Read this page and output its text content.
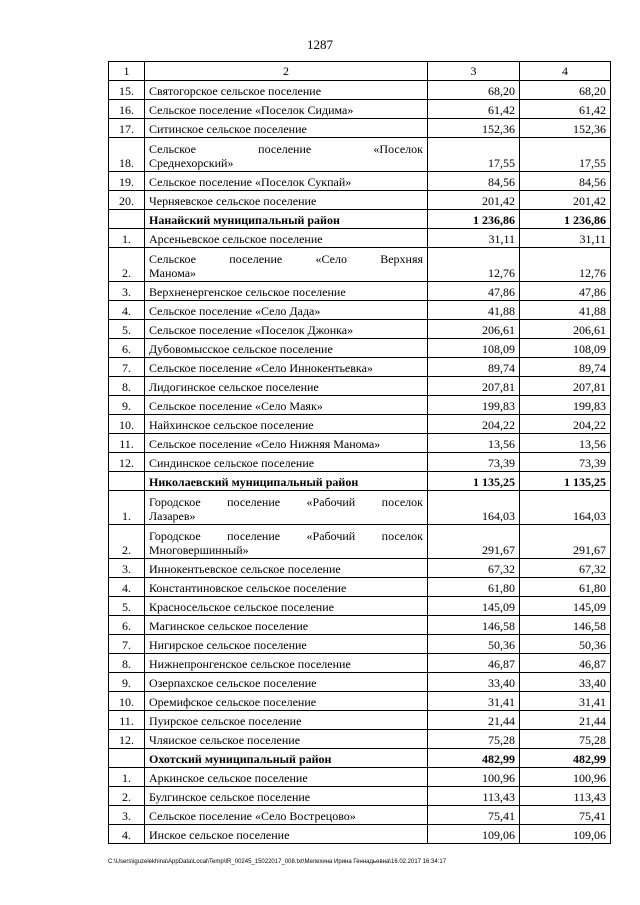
1287
1	2	3	4
15.	Святогорское сельское поселение	68,20	68,20
16.	Сельское поселение «Поселок Сидима»	61,42	61,42
17.	Ситинское сельское поселение	152,36	152,36
18.	Сельское поселение «Поселок
Среднехорский»	17,55	17,55
19.	Сельское поселение «Поселок Сукпай»	84,56	84,56
20.	Черняевское сельское поселение	201,42	201,42
	Нанайский муниципальный район	1 236,86	1 236,86
1.	Арсеньевское сельское поселение	31,11	31,11
2.	Сельское поселение «Село Верхняя
Манома»	12,76	12,76
3.	Верхненергенское сельское поселение	47,86	47,86
4.	Сельское поселение «Село Дада»	41,88	41,88
5.	Сельское поселение «Поселок Джонка»	206,61	206,61
6.	Дубовомысское сельское поселение	108,09	108,09
7.	Сельское поселение «Село Иннокентьевка»	89,74	89,74
8.	Лидогинское сельское поселение	207,81	207,81
9.	Сельское поселение «Село Маяк»	199,83	199,83
10.	Найхинское сельское поселение	204,22	204,22
11.	Сельское поселение «Село Нижняя Манома»	13,56	13,56
12.	Синдинское сельское поселение	73,39	73,39
	Николаевский муниципальный район	1 135,25	1 135,25
1.	Городское поселение «Рабочий поселок
Лазарев»	164,03	164,03
2.	Городское поселение «Рабочий поселок
Многовершинный»	291,67	291,67
3.	Иннокентьевское сельское поселение	67,32	67,32
4.	Константиновское сельское поселение	61,80	61,80
5.	Красносельское сельское поселение	145,09	145,09
6.	Магинское сельское поселение	146,58	146,58
7.	Нигирское сельское поселение	50,36	50,36
8.	Нижнепронгенское сельское поселение	46,87	46,87
9.	Озерпахское сельское поселение	33,40	33,40
10.	Оремифское сельское поселение	31,41	31,41
11.	Пуирское сельское поселение	21,44	21,44
12.	Чляиское сельское поселение	75,28	75,28
	Охотский муниципальный район	482,99	482,99
1.	Аркинское сельское поселение	100,96	100,96
2.	Булгинское сельское поселение	113,43	113,43
3.	Сельское поселение «Село Вострецово»	75,41	75,41
4.	Инское сельское поселение	109,06	109,06
C:\Users\iguzelekhina\AppData\Local\Temp\IR_00245_15022017_008.txt\Мелехина Ирина Геннадьевна\16.02.2017 16:34:17
